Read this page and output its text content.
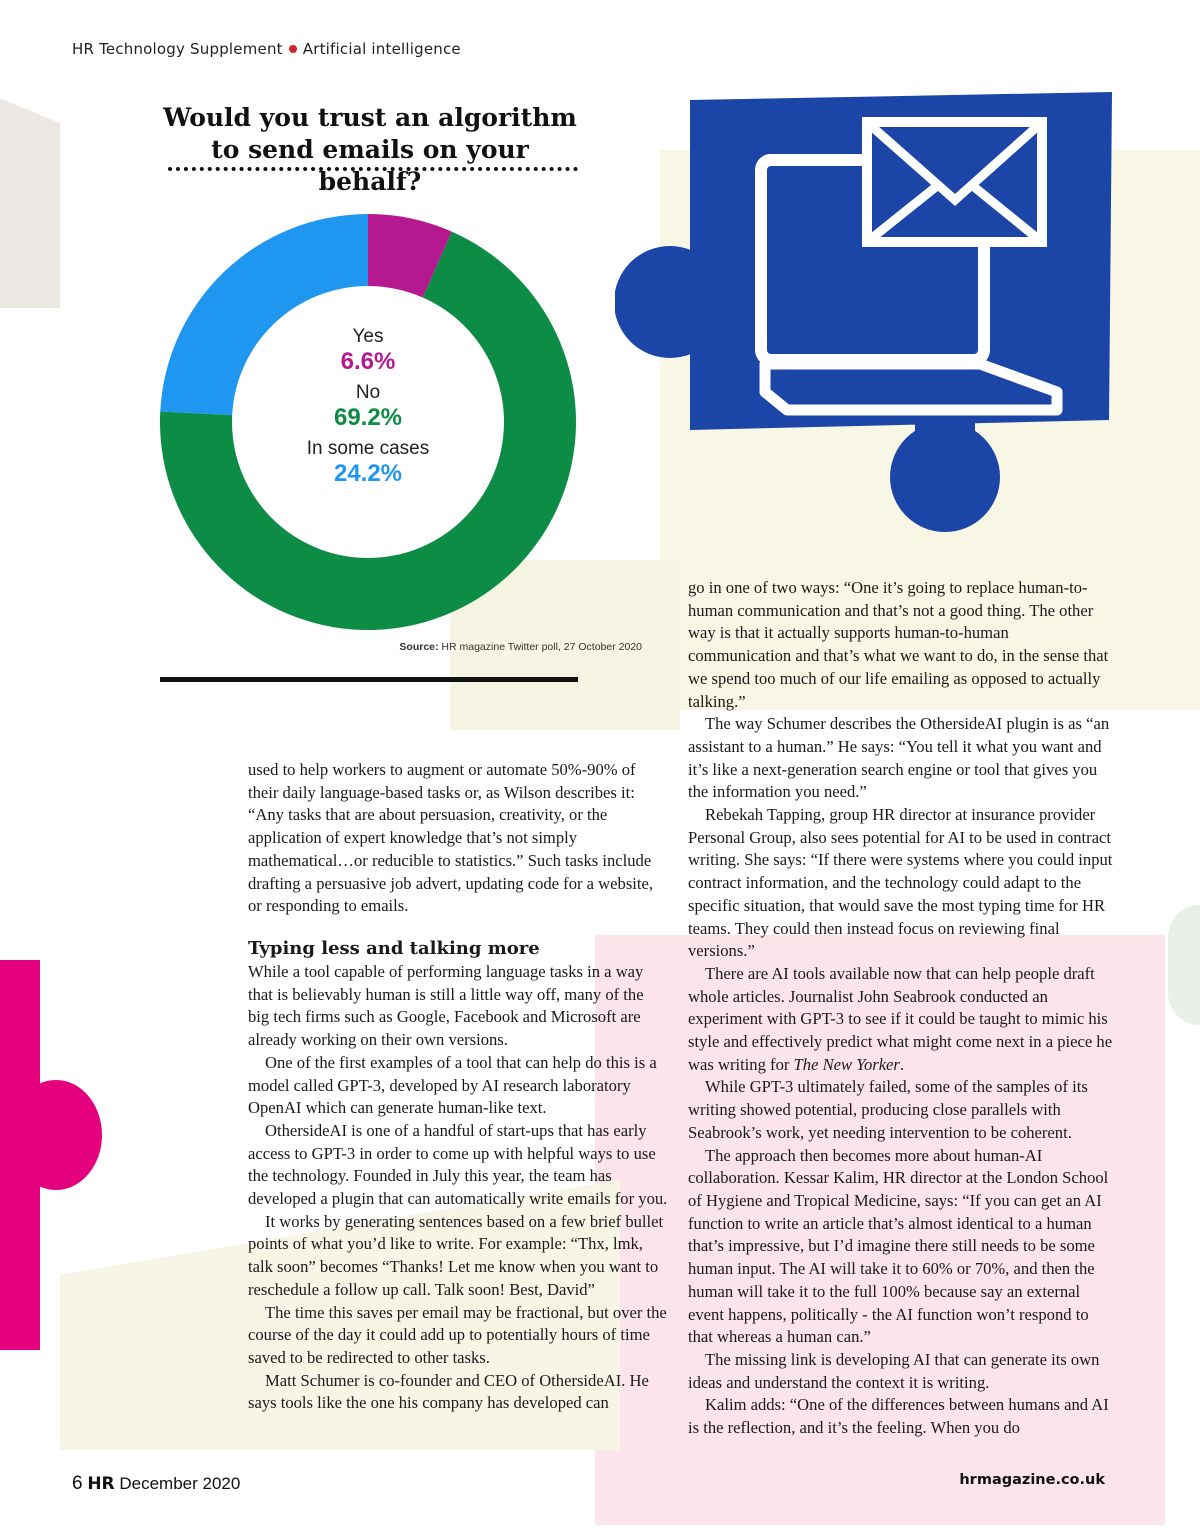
HR Technology Supplement Artificial intelligence
Would you trust an algorithm
to send emails on your behalf?
Yes
6.6%
No
69.2%
In some cases
24.2%
Source: HR magazine Twitter poll, 27 October 2020

used to help workers to augment or automate 50%-90% of their daily language-based tasks or, as Wilson describes it: “Any tasks that are about persuasion, creativity, or the application of expert knowledge that’s not simply mathematical…or reducible to statistics.” Such tasks include drafting a persuasive job advert, updating code for a website, or responding to emails.

Typing less and talking more

While a tool capable of performing language tasks in a way that is believably human is still a little way off, many of the big tech firms such as Google, Facebook and Microsoft are already working on their own versions.

One of the first examples of a tool that can help do this is a model called GPT-3, developed by AI research laboratory OpenAI which can generate human-like text.

OthersideAI is one of a handful of start-ups that has early access to GPT-3 in order to come up with helpful ways to use the technology. Founded in July this year, the team has developed a plugin that can automatically write emails for you.

It works by generating sentences based on a few brief bullet points of what you’d like to write. For example: “Thx, lmk, talk soon” becomes “Thanks! Let me know when you want to reschedule a follow up call. Talk soon! Best, David”

The time this saves per email may be fractional, but over the course of the day it could add up to potentially hours of time saved to be redirected to other tasks.

Matt Schumer is co-founder and CEO of OthersideAI. He says tools like the one his company has developed can

go in one of two ways: “One it’s going to replace human-to-human communication and that’s not a good thing. The other way is that it actually supports human-to-human communication and that’s what we want to do, in the sense that we spend too much of our life emailing as opposed to actually talking.”

The way Schumer describes the OthersideAI plugin is as “an assistant to a human.” He says: “You tell it what you want and it’s like a next-generation search engine or tool that gives you the information you need.”

Rebekah Tapping, group HR director at insurance provider Personal Group, also sees potential for AI to be used in contract writing. She says: “If there were systems where you could input contract information, and the technology could adapt to the specific situation, that would save the most typing time for HR teams. They could then instead focus on reviewing final versions.”

There are AI tools available now that can help people draft whole articles. Journalist John Seabrook conducted an experiment with GPT-3 to see if it could be taught to mimic his style and effectively predict what might come next in a piece he was writing for The New Yorker.

While GPT-3 ultimately failed, some of the samples of its writing showed potential, producing close parallels with Seabrook’s work, yet needing intervention to be coherent.

The approach then becomes more about human-AI collaboration. Kessar Kalim, HR director at the London School of Hygiene and Tropical Medicine, says: “If you can get an AI function to write an article that’s almost identical to a human that’s impressive, but I’d imagine there still needs to be some human input. The AI will take it to 60% or 70%, and then the human will take it to the full 100% because say an external event happens, politically - the AI function won’t respond to that whereas a human can.”

The missing link is developing AI that can generate its own ideas and understand the context it is writing.

Kalim adds: “One of the differences between humans and AI is the reflection, and it’s the feeling. When you do

6 HR December 2020	hrmagazine.co.uk
